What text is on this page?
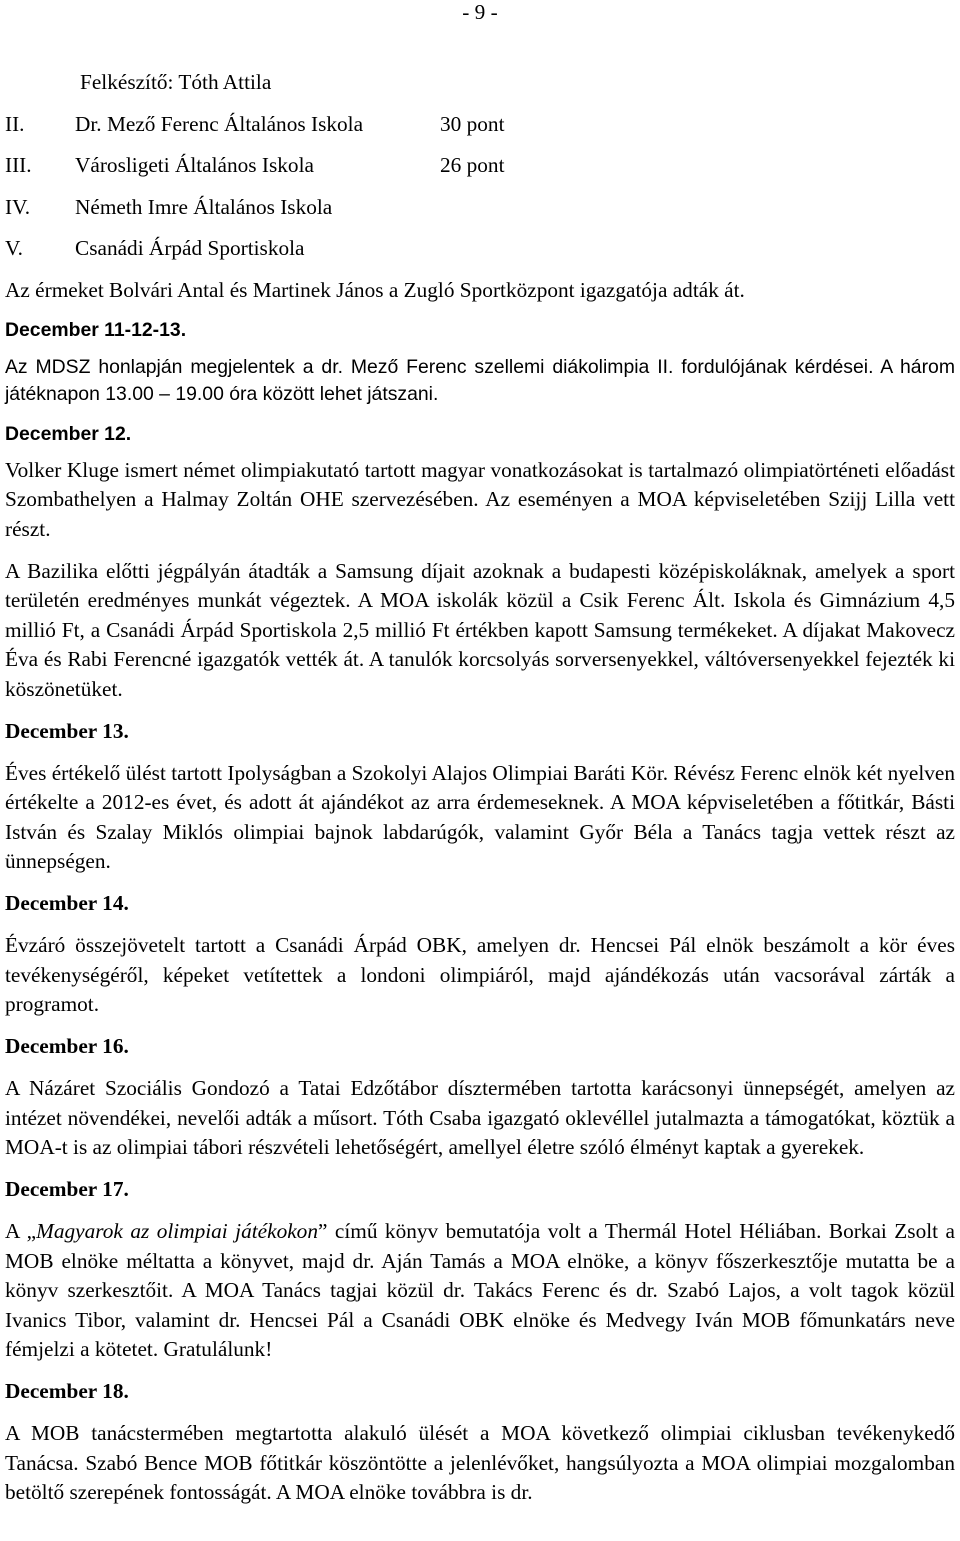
- 9 -
Felkészítő: Tóth Attila
II.	Dr. Mező Ferenc Általános Iskola	30 pont
III.	Városligeti Általános Iskola	26 pont
IV.	Németh Imre Általános Iskola
V.	Csanádi Árpád Sportiskola

Az érmeket Bolvári Antal és Martinek János a Zugló Sportközpont igazgatója adták át.

December 11-12-13.

Az MDSZ honlapján megjelentek a dr. Mező Ferenc szellemi diákolimpia II. fordulójának kérdései. A három játéknapon 13.00 – 19.00 óra között lehet játszani.

December 12.

Volker Kluge ismert német olimpiakutató tartott magyar vonatkozásokat is tartalmazó olimpiatörténeti előadást Szombathelyen a Halmay Zoltán OHE szervezésében. Az eseményen a MOA képviseletében Szijj Lilla vett részt.

A Bazilika előtti jégpályán átadták a Samsung díjait azoknak a budapesti középiskoláknak, amelyek a sport területén eredményes munkát végeztek. A MOA iskolák közül a Csik Ferenc Ált. Iskola és Gimnázium 4,5 millió Ft, a Csanádi Árpád Sportiskola 2,5 millió Ft értékben kapott Samsung termékeket. A díjakat Makovecz Éva és Rabi Ferencné igazgatók vették át. A tanulók korcsolyás sorversenyekkel, váltóversenyekkel fejezték ki köszönetüket.

December 13.

Éves értékelő ülést tartott Ipolyságban a Szokolyi Alajos Olimpiai Baráti Kör. Révész Ferenc elnök két nyelven értékelte a 2012-es évet, és adott át ajándékot az arra érdemeseknek. A MOA képviseletében a főtitkár, Básti István és Szalay Miklós olimpiai bajnok labdarúgók, valamint Győr Béla a Tanács tagja vettek részt az ünnepségen.

December 14.

Évzáró összejövetelt tartott a Csanádi Árpád OBK, amelyen dr. Hencsei Pál elnök beszámolt a kör éves tevékenységéről, képeket vetítettek a londoni olimpiáról, majd ajándékozás után vacsorával zárták a programot.

December 16.

A Názáret Szociális Gondozó a Tatai Edzőtábor dísztermében tartotta karácsonyi ünnepségét, amelyen az intézet növendékei, nevelői adták a műsort. Tóth Csaba igazgató oklevéllel jutalmazta a támogatókat, köztük a MOA-t is az olimpiai tábori részvételi lehetőségért, amellyel életre szóló élményt kaptak a gyerekek.

December 17.

A „Magyarok az olimpiai játékokon” című könyv bemutatója volt a Thermál Hotel Héliában. Borkai Zsolt a MOB elnöke méltatta a könyvet, majd dr. Aján Tamás a MOA elnöke, a könyv főszerkesztője mutatta be a könyv szerkesztőit. A MOA Tanács tagjai közül dr. Takács Ferenc és dr. Szabó Lajos, a volt tagok közül Ivanics Tibor, valamint dr. Hencsei Pál a Csanádi OBK elnöke és Medvegy Iván MOB főmunkatárs neve fémjelzi a kötetet. Gratulálunk!

December 18.

A MOB tanácstermében megtartotta alakuló ülését a MOA következő olimpiai ciklusban tevékenykedő Tanácsa. Szabó Bence MOB főtitkár köszöntötte a jelenlévőket, hangsúlyozta a MOA olimpiai mozgalomban betöltő szerepének fontosságát. A MOA elnöke továbbra is dr.
